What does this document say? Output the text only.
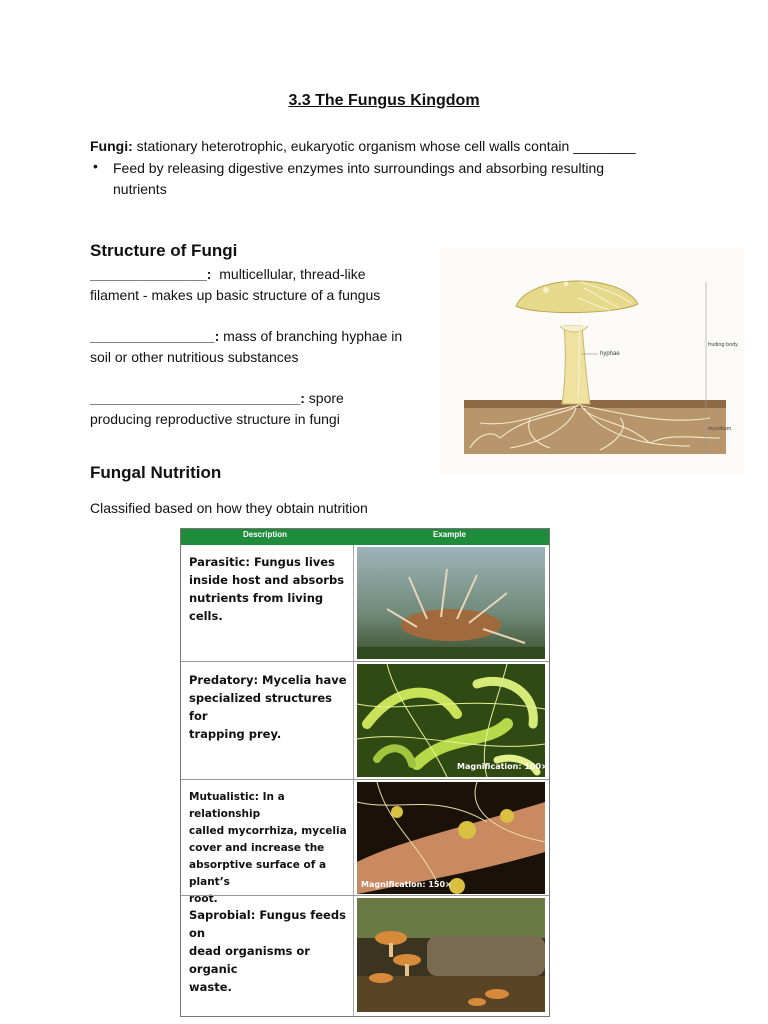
3.3 The Fungus Kingdom
Fungi: stationary heterotrophic, eukaryotic organism whose cell walls contain ________
• Feed by releasing digestive enzymes into surroundings and absorbing resulting
nutrients
Structure of Fungi
_______________:  multicellular, thread-like
filament - makes up basic structure of a fungus
________________: mass of branching hyphae in
soil or other nutritious substances
___________________________: spore
producing reproductive structure in fungi
hyphae
fruiting body
mycelium
Fungal Nutrition
Classified based on how they obtain nutrition
Description	Example
Parasitic: Fungus lives
inside host and absorbs
nutrients from living cells.
Predatory: Mycelia have
specialized structures for
trapping prey.
Magnification: 100×
Mutualistic: In a relationship
called mycorrhiza, mycelia
cover and increase the
absorptive surface of a plant’s
root.
Magnification: 150×
Saprobial: Fungus feeds on
dead organisms or organic
waste.
